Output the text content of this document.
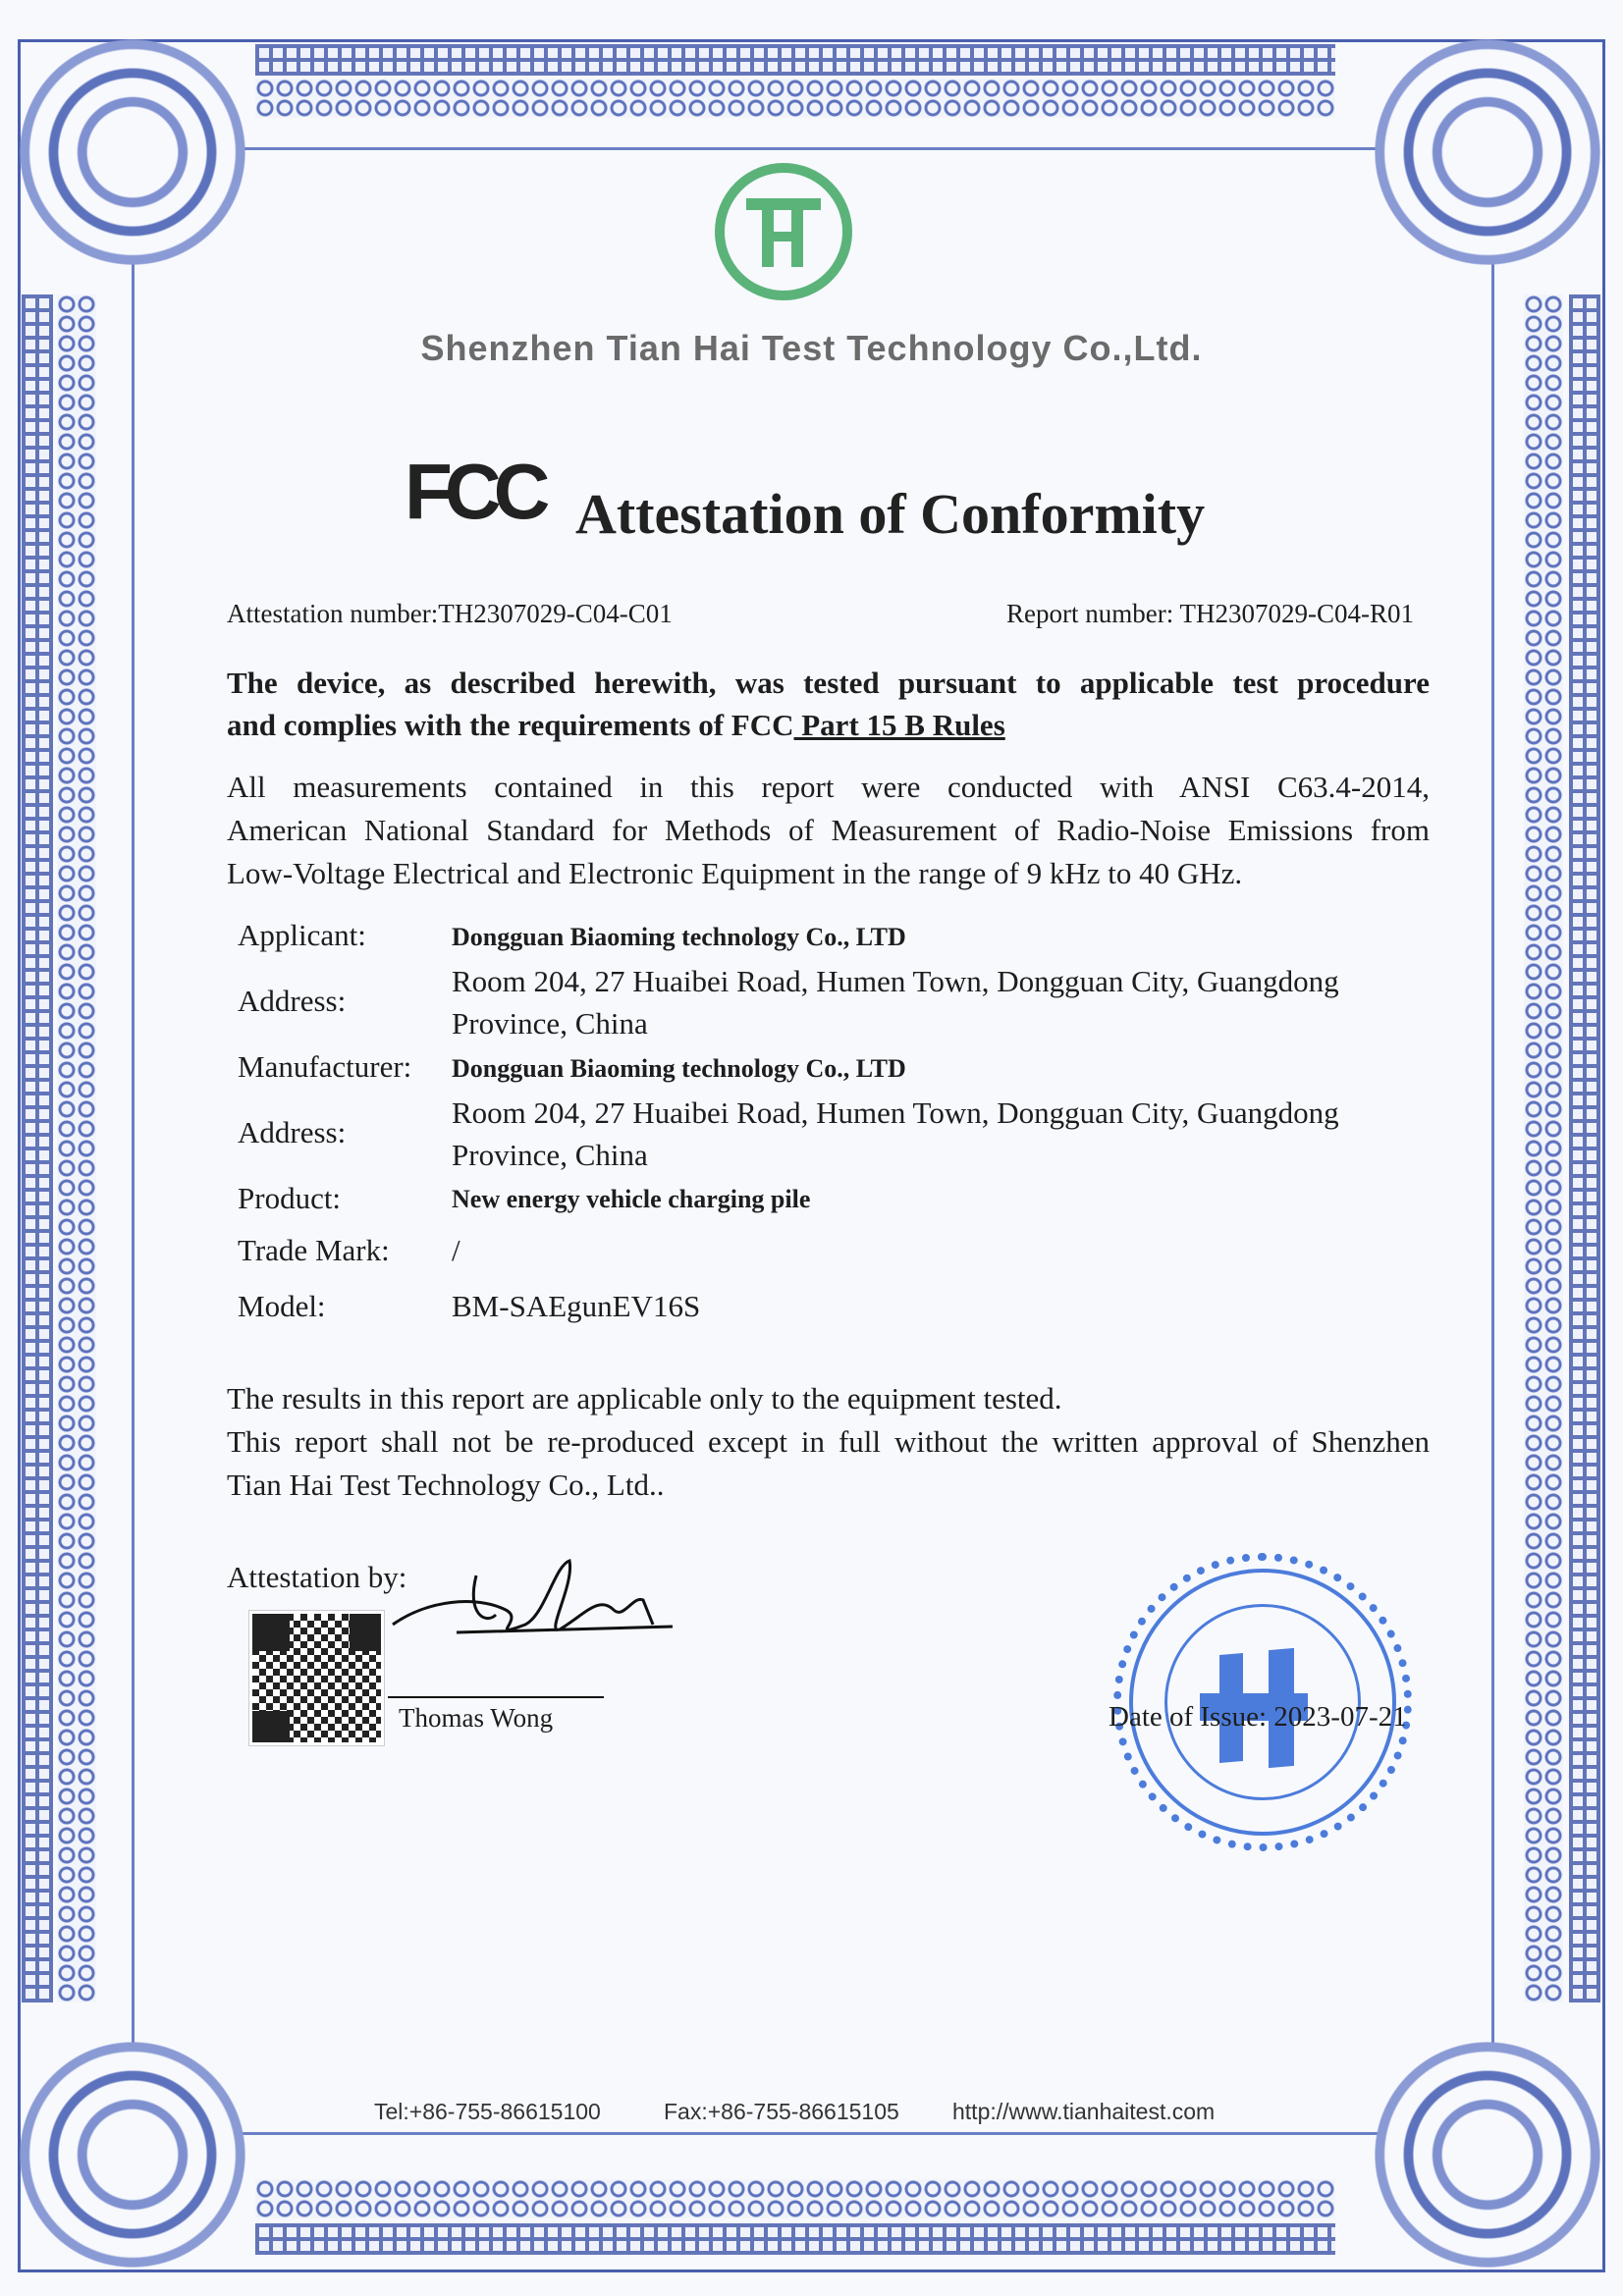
Shenzhen Tian Hai Test Technology Co.,Ltd.
FCC Attestation of Conformity
Attestation number:TH2307029-C04-C01	Report number: TH2307029-C04-R01
The device, as described herewith, was tested pursuant to applicable test procedure
and complies with the requirements of FCC Part 15 B Rules
All measurements contained in this report were conducted with ANSI C63.4-2014,
American National Standard for Methods of Measurement of Radio-Noise Emissions from
Low-Voltage Electrical and Electronic Equipment in the range of 9 kHz to 40 GHz.
Applicant:	Dongguan Biaoming technology Co., LTD
Address:
Room 204, 27 Huaibei Road, Humen Town, Dongguan City, Guangdong
Province, China
Manufacturer: Dongguan Biaoming technology Co., LTD
Address:
Room 204, 27 Huaibei Road, Humen Town, Dongguan City, Guangdong
Province, China
Product:	New energy vehicle charging pile
Trade Mark: /
Model:	BM-SAEgunEV16S
The results in this report are applicable only to the equipment tested.
This report shall not be re-produced except in full without the written approval of Shenzhen
Tian Hai Test Technology Co., Ltd..
Attestation by:
Thomas Wong	Date of Issue: 2023-07-21
Tel:+86-755-86615100	Fax:+86-755-86615105 http://www.tianhaitest.com
